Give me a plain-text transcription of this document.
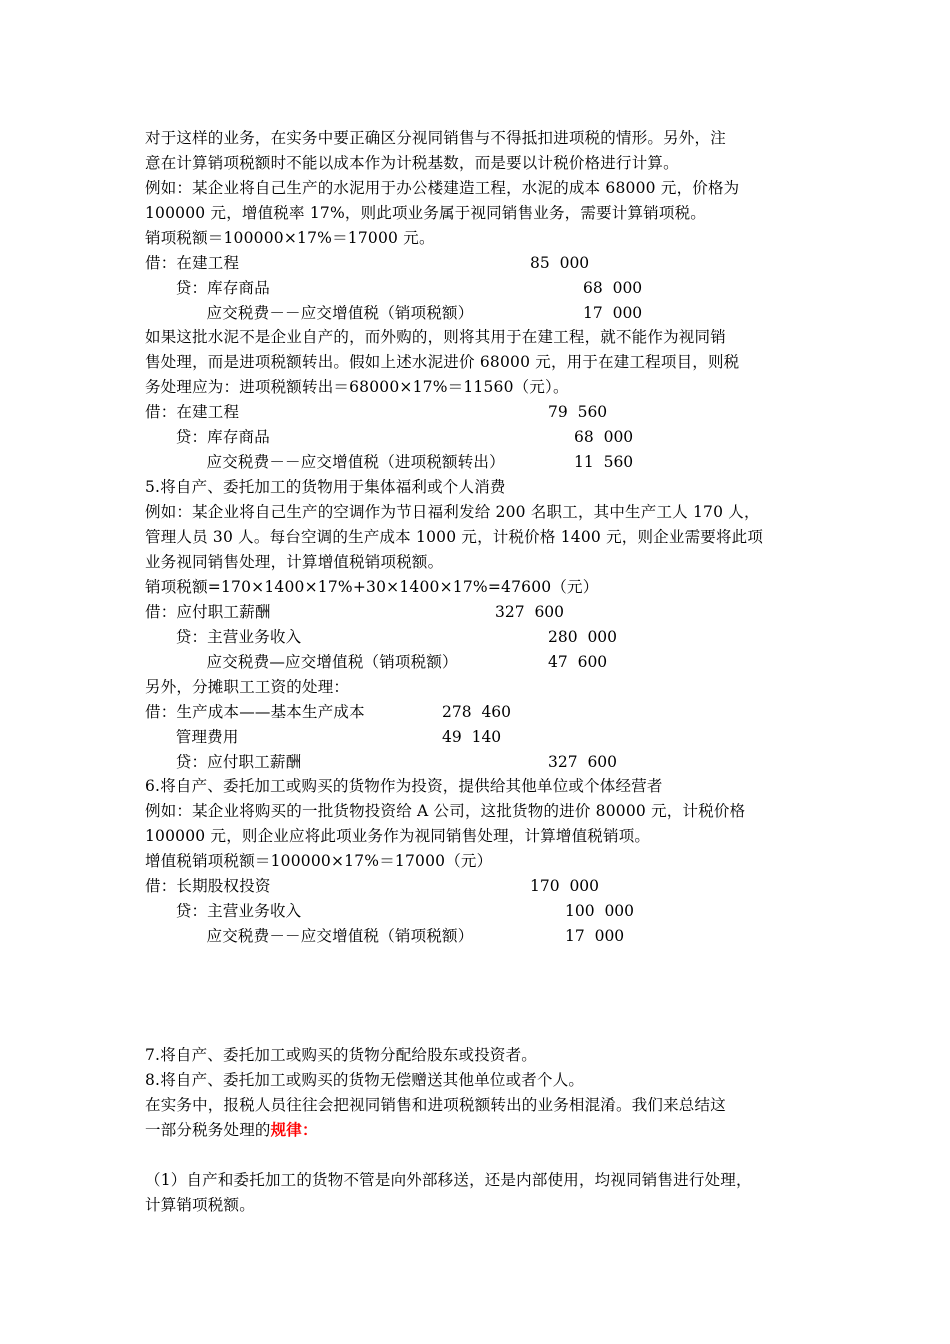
对于这样的业务，在实务中要正确区分视同销售与不得抵扣进项税的情形。另外，注
意在计算销项税额时不能以成本作为计税基数，而是要以计税价格进行计算。
例如：某企业将自己生产的水泥用于办公楼建造工程，水泥的成本 68000 元，价格为
100000 元，增值税率 17%，则此项业务属于视同销售业务，需要计算销项税。
销项税额＝100000×17%＝17000 元。
借：在建工程	85  000
贷：库存商品	68  000
应交税费－－应交增值税（销项税额）	17  000
如果这批水泥不是企业自产的，而外购的，则将其用于在建工程，就不能作为视同销
售处理，而是进项税额转出。假如上述水泥进价 68000 元，用于在建工程项目，则税
务处理应为：进项税额转出＝68000×17%＝11560（元）。
借：在建工程	79  560
贷：库存商品	68  000
应交税费－－应交增值税（进项税额转出）	11  560
5.将自产、委托加工的货物用于集体福利或个人消费
例如：某企业将自己生产的空调作为节日福利发给 200 名职工，其中生产工人 170 人，
管理人员 30 人。每台空调的生产成本 1000 元，计税价格 1400 元，则企业需要将此项
业务视同销售处理，计算增值税销项税额。
销项税额=170×1400×17%+30×1400×17%=47600（元）
借：应付职工薪酬	327  600
贷：主营业务收入	280  000
应交税费—应交增值税（销项税额）	47  600
另外，分摊职工工资的处理：
借：生产成本——基本生产成本	278  460
管理费用	49  140
贷：应付职工薪酬	327  600
6.将自产、委托加工或购买的货物作为投资，提供给其他单位或个体经营者
例如：某企业将购买的一批货物投资给 A 公司，这批货物的进价 80000 元，计税价格
100000 元，则企业应将此项业务作为视同销售处理，计算增值税销项。
增值税销项税额＝100000×17%＝17000（元）
借：长期股权投资	170  000
贷：主营业务收入	100  000
应交税费－－应交增值税（销项税额）	17  000
7.将自产、委托加工或购买的货物分配给股东或投资者。
8.将自产、委托加工或购买的货物无偿赠送其他单位或者个人。
在实务中，报税人员往往会把视同销售和进项税额转出的业务相混淆。我们来总结这
一部分税务处理的规律：
（1）自产和委托加工的货物不管是向外部移送，还是内部使用，均视同销售进行处理，
计算销项税额。
